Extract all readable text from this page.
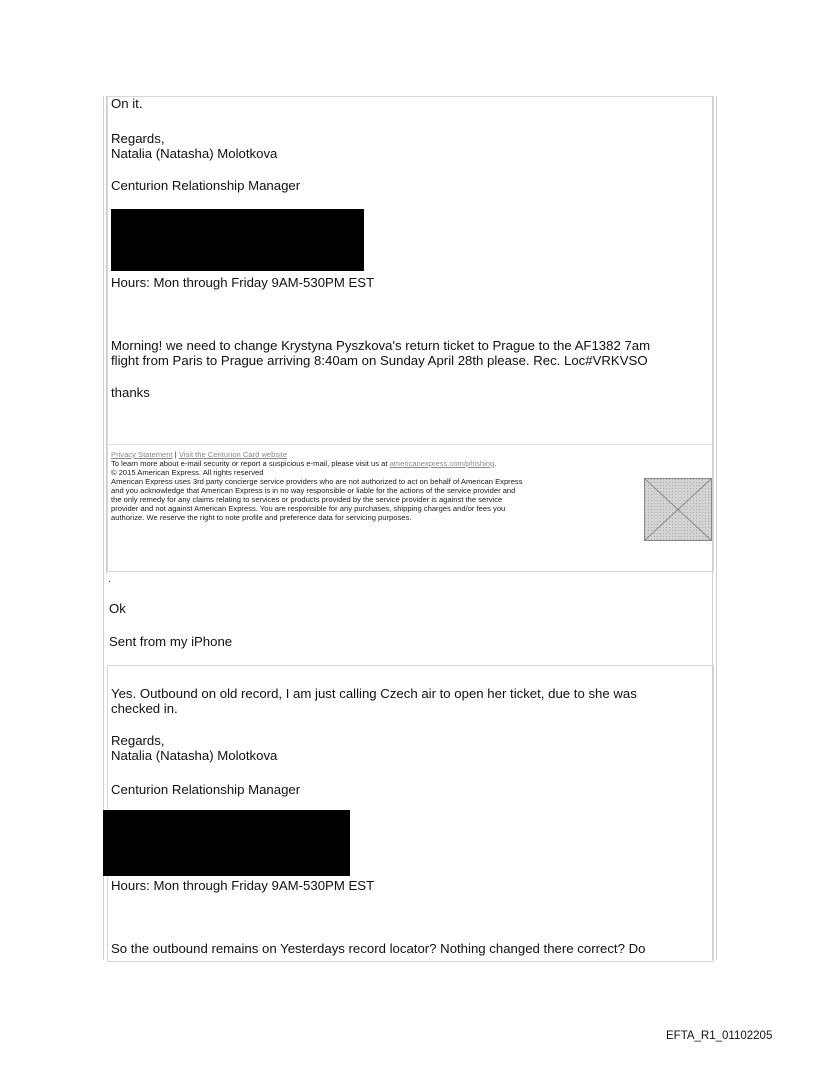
On it.
Regards,
Natalia (Natasha) Molotkova
Centurion Relationship Manager
Hours: Mon through Friday 9AM-530PM EST
Morning! we need to change Krystyna Pyszkova's return ticket to Prague to the AF1382 7am
flight from Paris to Prague arriving 8:40am on Sunday April 28th please. Rec. Loc#VRKVSO
thanks
Privacy Statement | Visit the Centurion Card website
To learn more about e-mail security or report a suspicious e-mail, please visit us at americanexpress.com/phishing.
© 2015 American Express. All rights reserved
American Express uses 3rd party concierge service providers who are not authorized to act on behalf of American Express
and you acknowledge that American Express is in no way responsible or liable for the actions of the service provider and
the only remedy for any claims relating to services or products provided by the service provider is against the service
provider and not against American Express. You are responsible for any purchases, shipping charges and/or fees you
authorize. We reserve the right to note profile and preference data for servicing purposes.
.
Ok
Sent from my iPhone
Yes. Outbound on old record, I am just calling Czech air to open her ticket, due to she was
checked in.
Regards,
Natalia (Natasha) Molotkova
Centurion Relationship Manager
Hours: Mon through Friday 9AM-530PM EST
So the outbound remains on Yesterdays record locator? Nothing changed there correct? Do
EFTA_R1_01102205
